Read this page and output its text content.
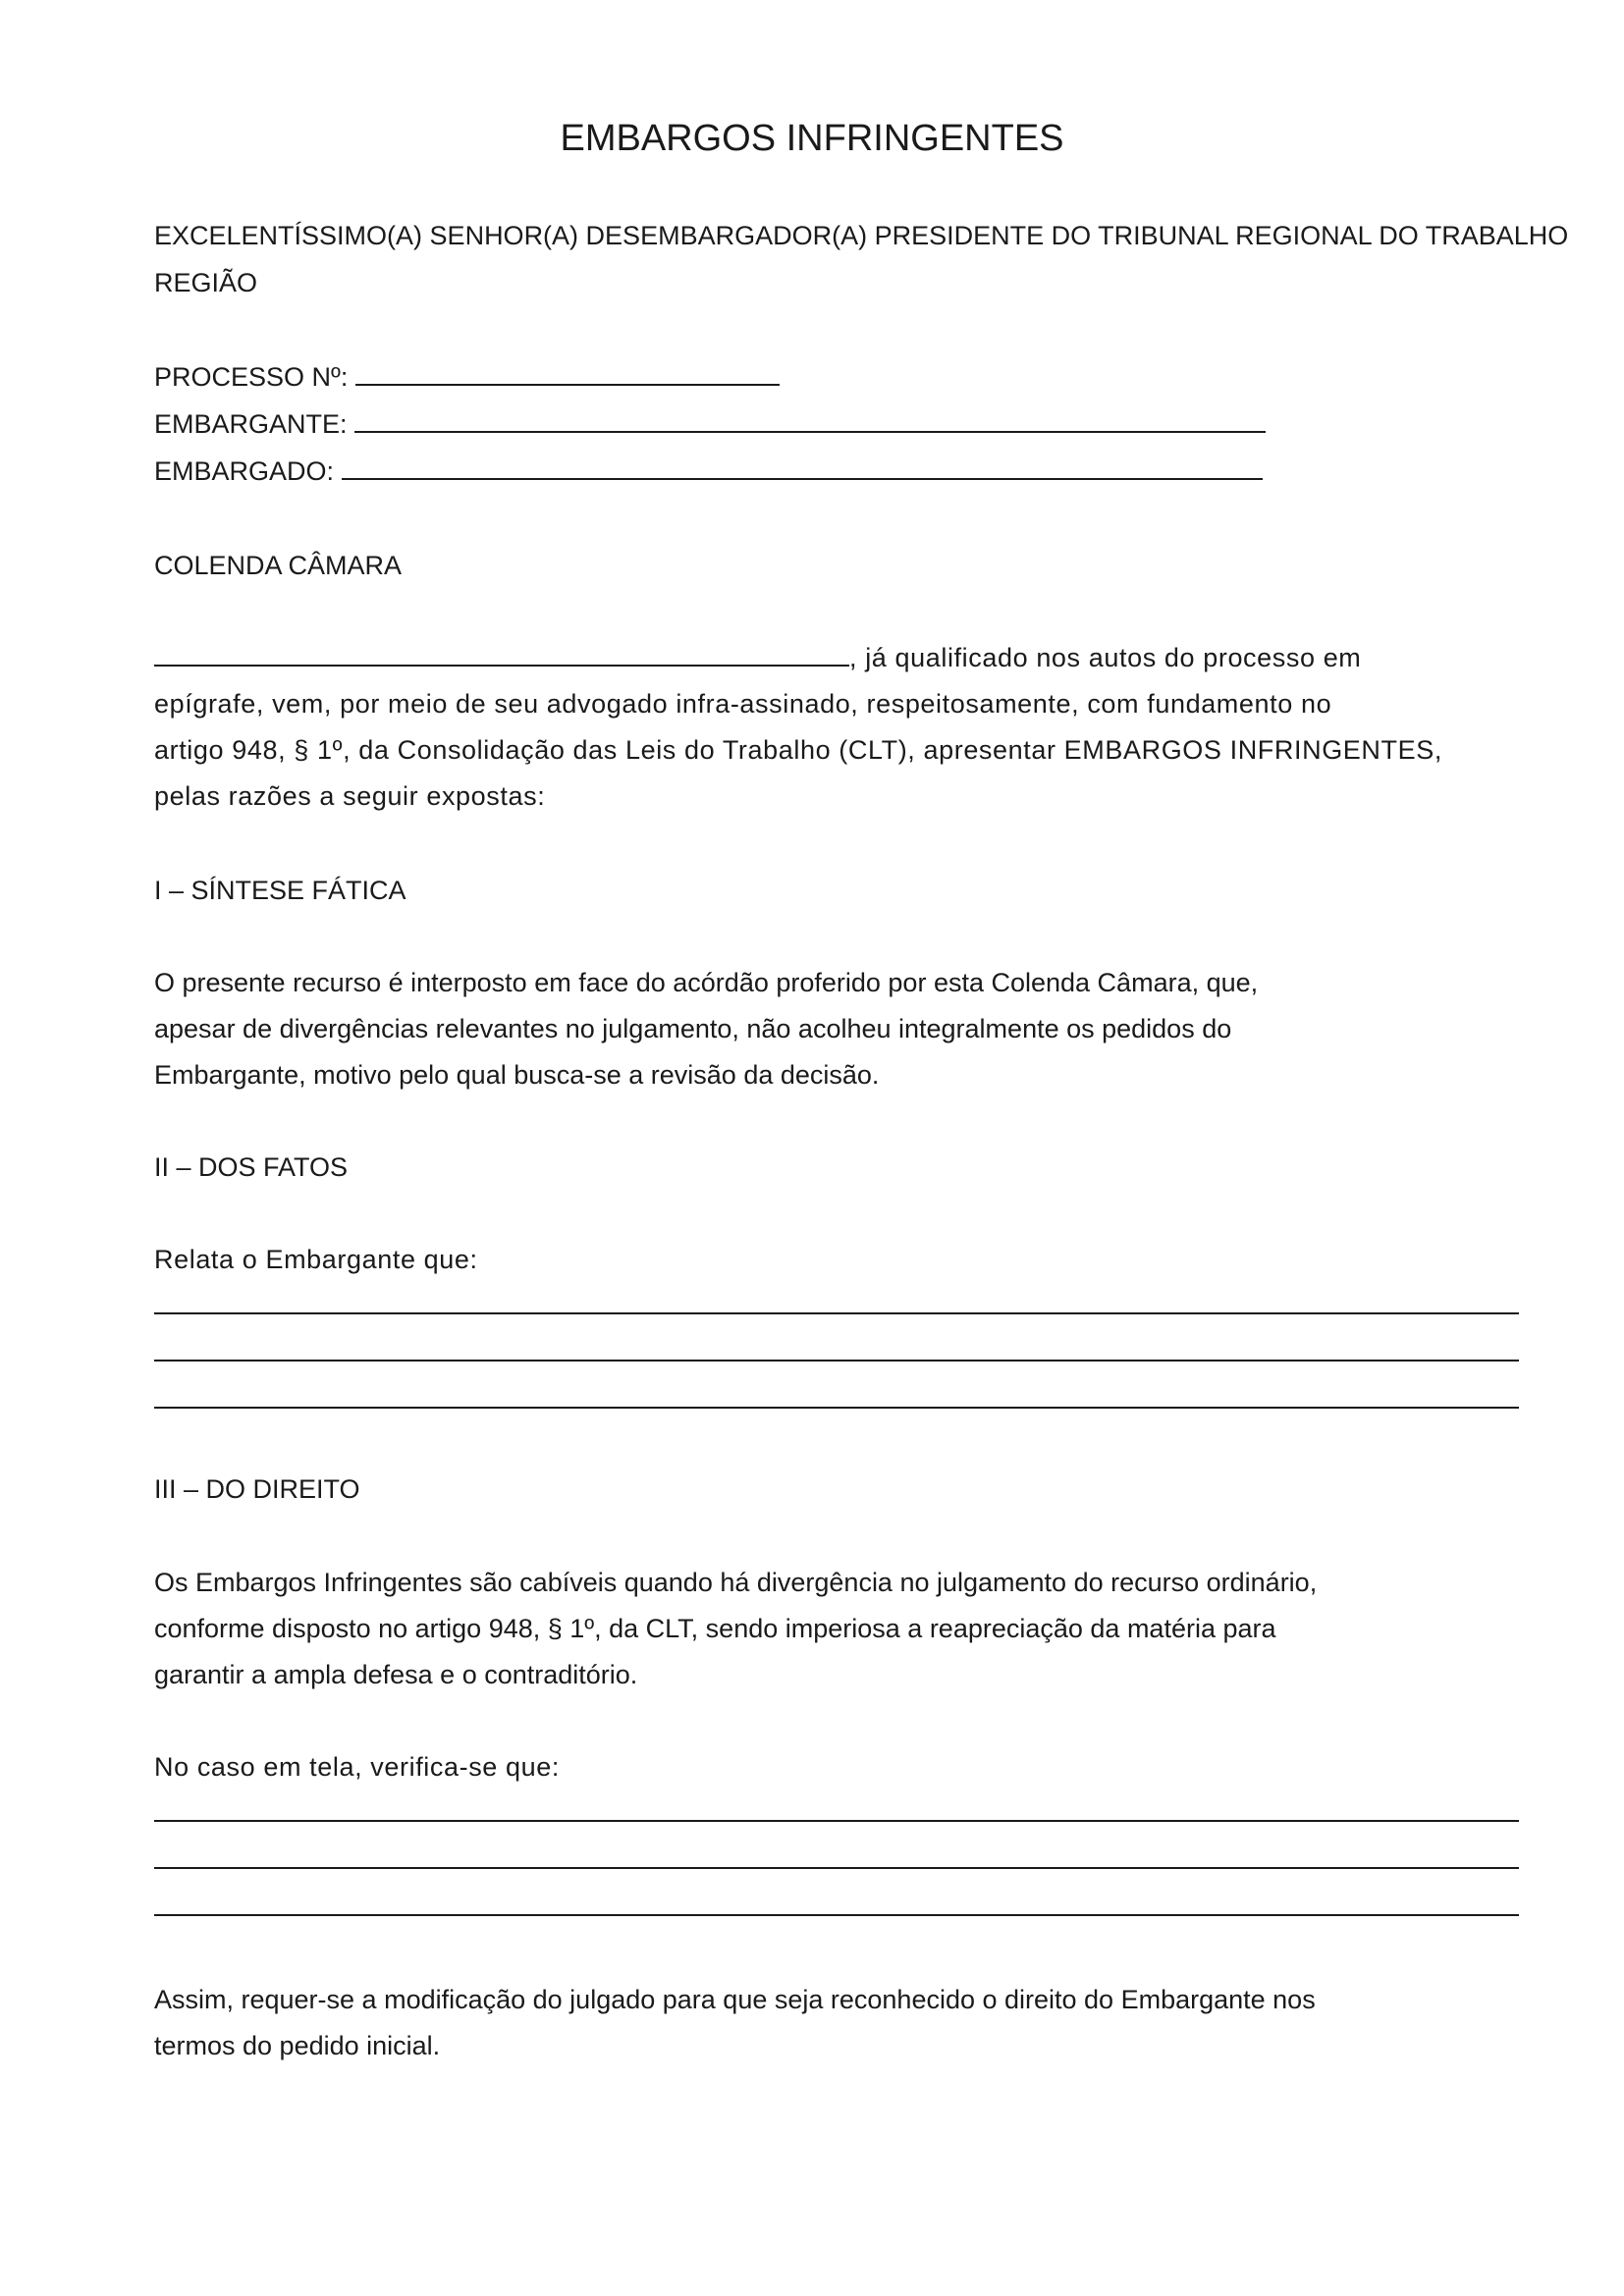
EMBARGOS INFRINGENTES
EXCELENTÍSSIMO(A) SENHOR(A) DESEMBARGADOR(A) PRESIDENTE DO TRIBUNAL REGIONAL DO TRABALHO
REGIÃO
PROCESSO Nº:
EMBARGANTE:
EMBARGADO:
COLENDA CÂMARA
, já qualificado nos autos do processo em
epígrafe, vem, por meio de seu advogado infra-assinado, respeitosamente, com fundamento no
artigo 948, § 1º, da Consolidação das Leis do Trabalho (CLT), apresentar EMBARGOS INFRINGENTES,
pelas razões a seguir expostas:
I – SÍNTESE FÁTICA
O presente recurso é interposto em face do acórdão proferido por esta Colenda Câmara, que,
apesar de divergências relevantes no julgamento, não acolheu integralmente os pedidos do
Embargante, motivo pelo qual busca-se a revisão da decisão.
II – DOS FATOS
Relata o Embargante que:
III – DO DIREITO
Os Embargos Infringentes são cabíveis quando há divergência no julgamento do recurso ordinário,
conforme disposto no artigo 948, § 1º, da CLT, sendo imperiosa a reapreciação da matéria para
garantir a ampla defesa e o contraditório.
No caso em tela, verifica-se que:
Assim, requer-se a modificação do julgado para que seja reconhecido o direito do Embargante nos
termos do pedido inicial.
